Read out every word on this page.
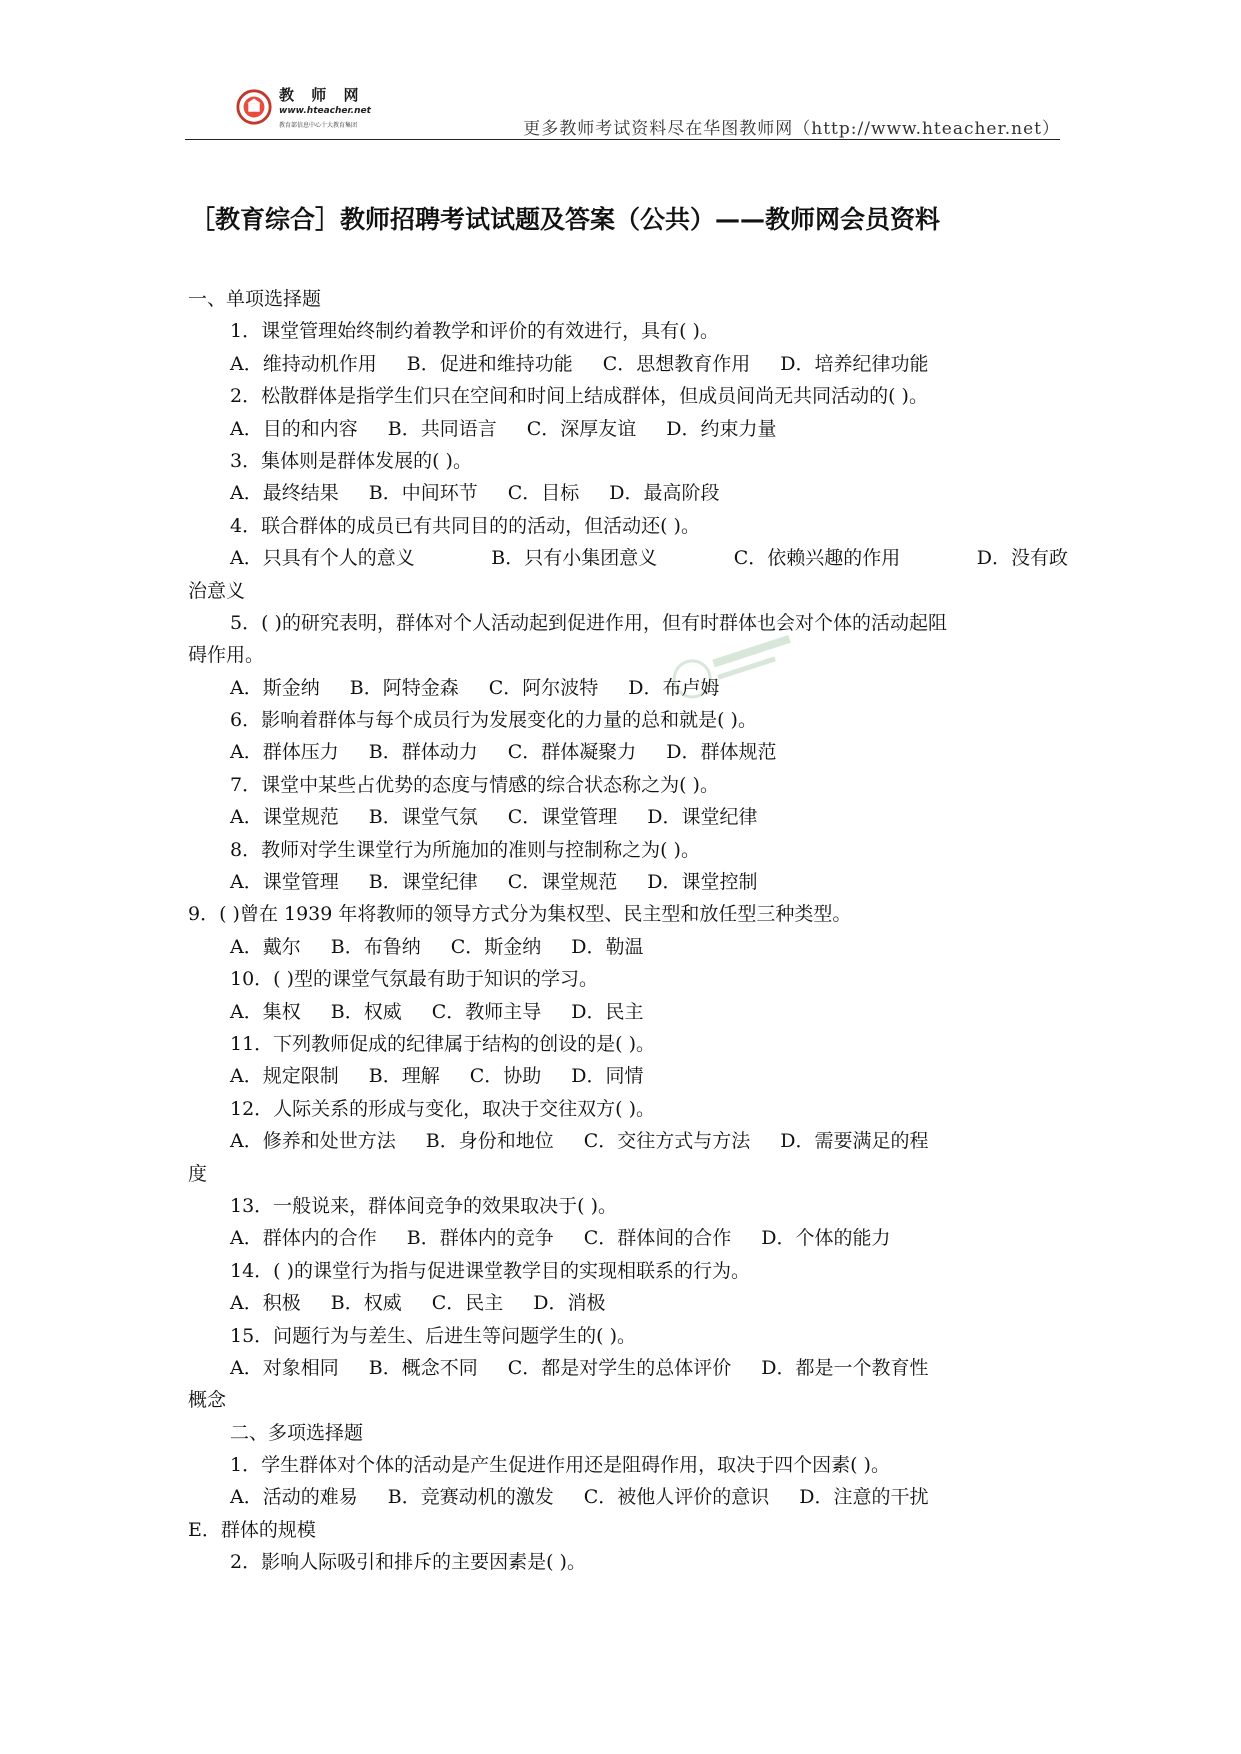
教 师 网
www.hteacher.net
教育部信息中心十大教育集团	更多教师考试资料尽在华图教师网（http://www.hteacher.net）
［教育综合］教师招聘考试试题及答案（公共）——教师网会员资料
一、单项选择题
1．课堂管理始终制约着教学和评价的有效进行，具有( )。
A．维持动机作用 B．促进和维持功能 C．思想教育作用 D．培养纪律功能
2．松散群体是指学生们只在空间和时间上结成群体，但成员间尚无共同活动的( )。
A．目的和内容 B．共同语言 C．深厚友谊 D．约束力量
3．集体则是群体发展的( )。
A．最终结果 B．中间环节 C．目标 D．最高阶段
4．联合群体的成员已有共同目的的活动，但活动还( )。
A．只具有个人的意义	B．只有小集团意义	C．依赖兴趣的作用	D．没有政
治意义
5．( )的研究表明，群体对个人活动起到促进作用，但有时群体也会对个体的活动起阻
碍作用。
A．斯金纳 B．阿特金森 C．阿尔波特 D．布卢姆
6．影响着群体与每个成员行为发展变化的力量的总和就是( )。
A．群体压力 B．群体动力 C．群体凝聚力 D．群体规范
7．课堂中某些占优势的态度与情感的综合状态称之为( )。
A．课堂规范 B．课堂气氛 C．课堂管理 D．课堂纪律
8．教师对学生课堂行为所施加的准则与控制称之为( )。
A．课堂管理 B．课堂纪律 C．课堂规范 D．课堂控制
9．( )曾在 1939 年将教师的领导方式分为集权型、民主型和放任型三种类型。
A．戴尔 B．布鲁纳 C．斯金纳 D．勒温
10．( )型的课堂气氛最有助于知识的学习。
A．集权 B．权威 C．教师主导 D．民主
11．下列教师促成的纪律属于结构的创设的是( )。
A．规定限制 B．理解 C．协助 D．同情
12．人际关系的形成与变化，取决于交往双方( )。
A．修养和处世方法 B．身份和地位 C．交往方式与方法 D．需要满足的程
度
13．一般说来，群体间竞争的效果取决于( )。
A．群体内的合作 B．群体内的竞争 C．群体间的合作 D．个体的能力
14．( )的课堂行为指与促进课堂教学目的实现相联系的行为。
A．积极 B．权威 C．民主 D．消极
15．问题行为与差生、后进生等问题学生的( )。
A．对象相同 B．概念不同 C．都是对学生的总体评价 D．都是一个教育性
概念
二、多项选择题
1．学生群体对个体的活动是产生促进作用还是阻碍作用，取决于四个因素( )。
A．活动的难易 B．竞赛动机的激发 C．被他人评价的意识 D．注意的干扰
E．群体的规模
2．影响人际吸引和排斥的主要因素是( )。
